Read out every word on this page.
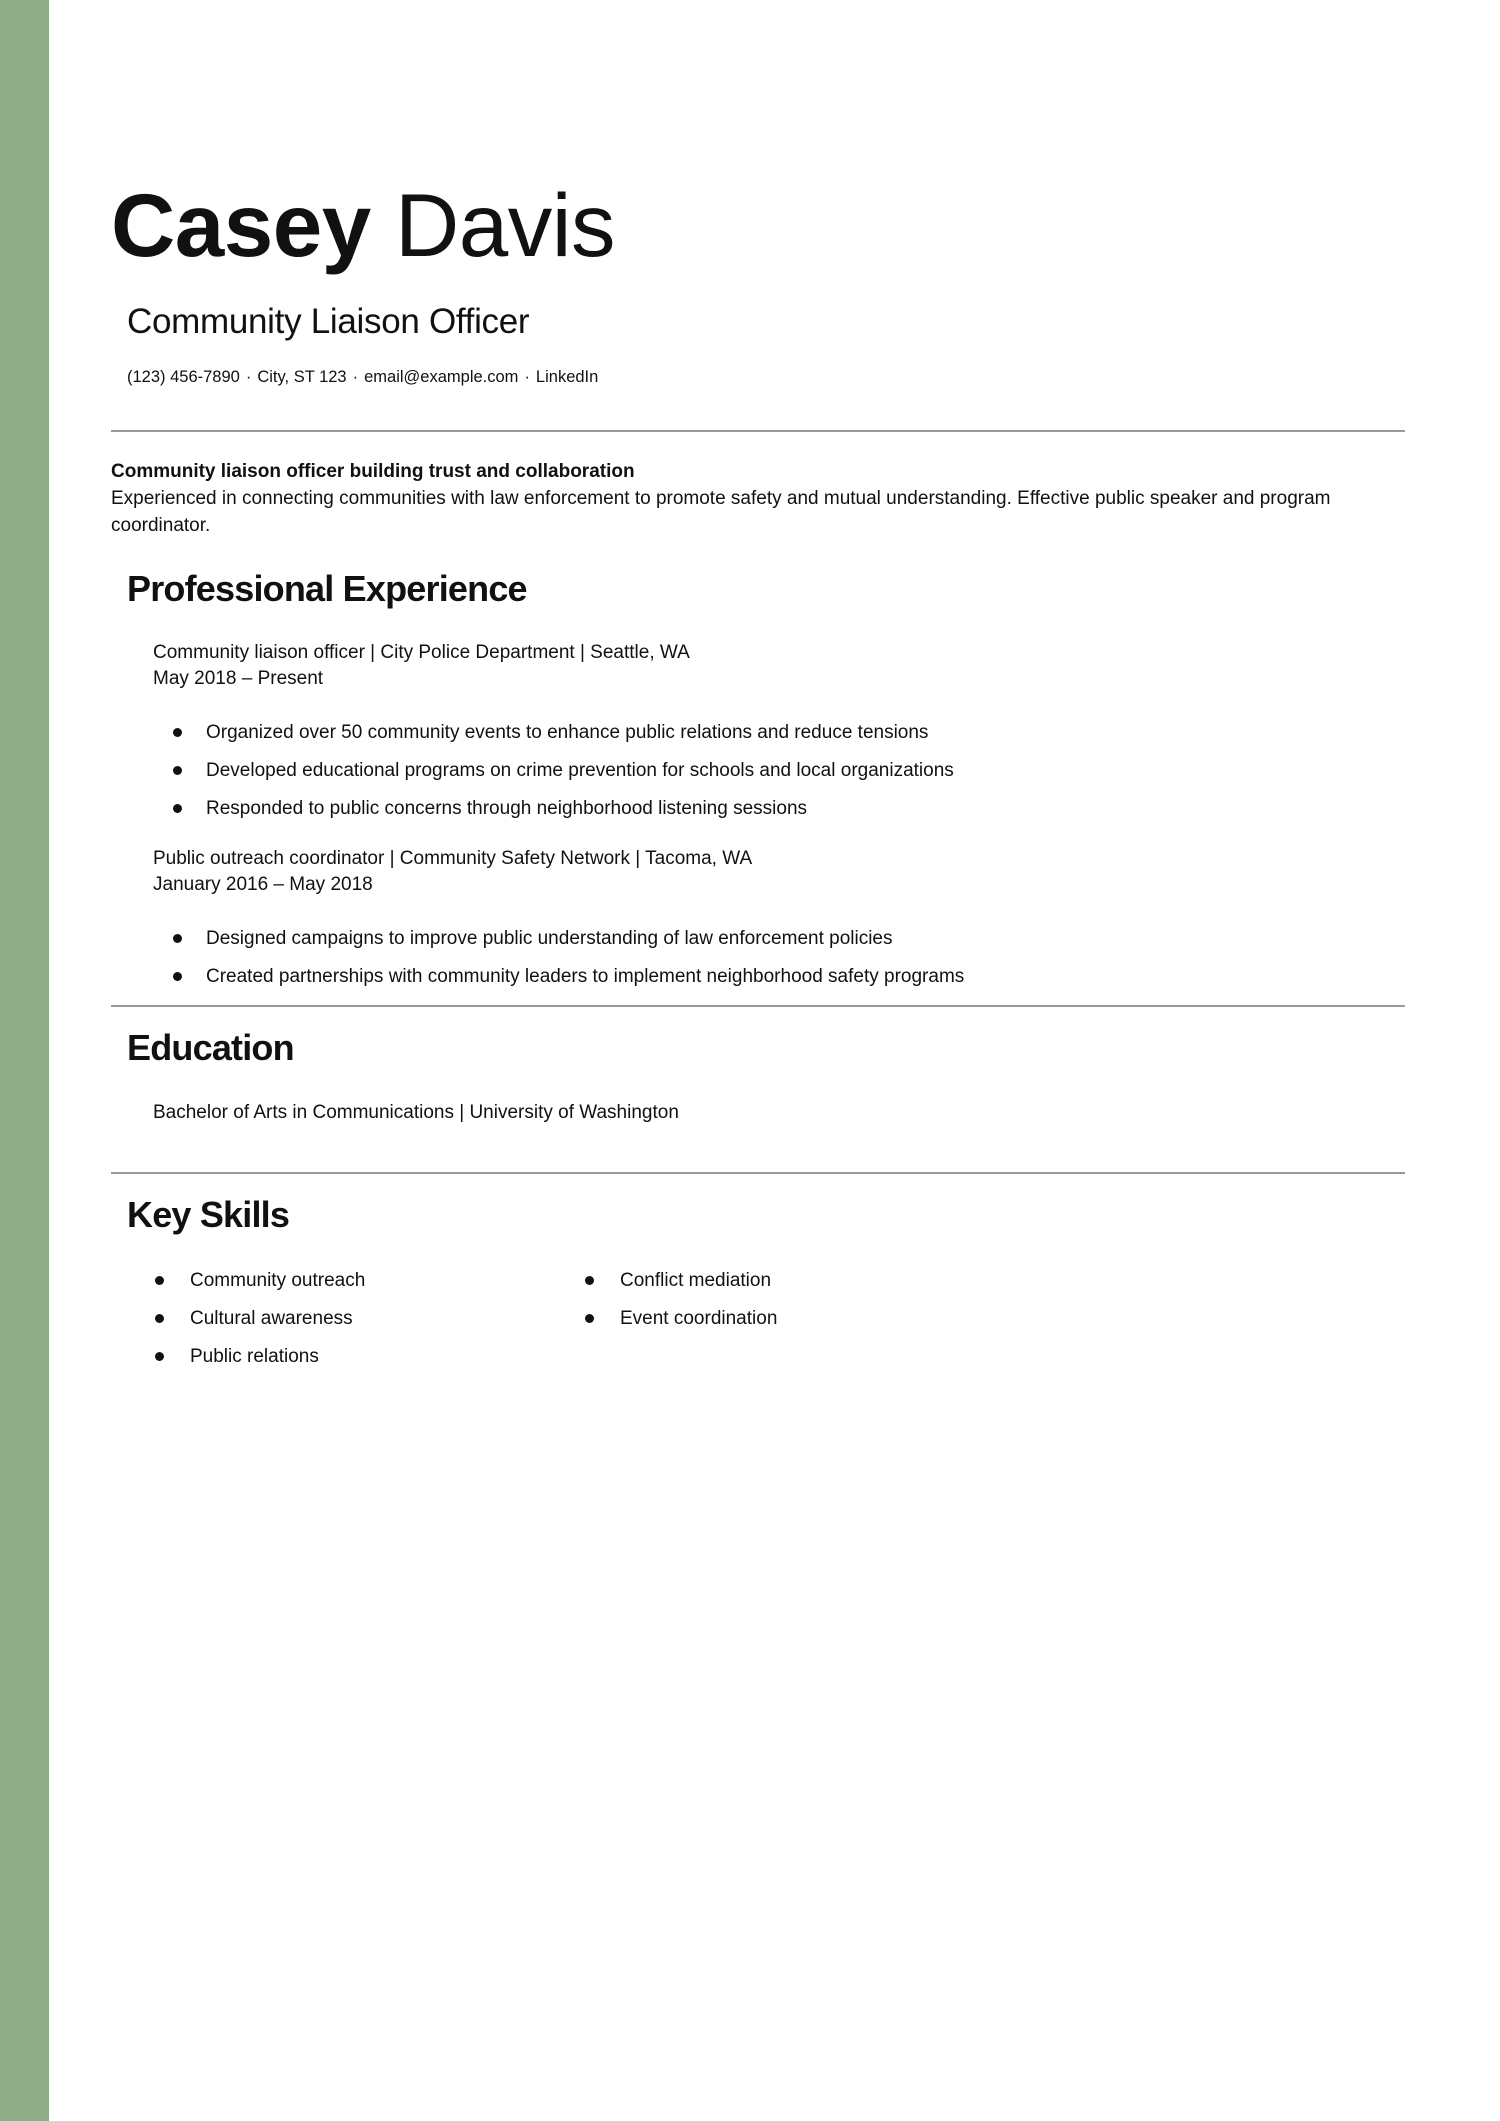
Casey Davis
Community Liaison Officer
(123) 456-7890 · City, ST 123 · email@example.com · LinkedIn
Community liaison officer building trust and collaboration
Experienced in connecting communities with law enforcement to promote safety and mutual understanding. Effective public speaker and program coordinator.
Professional Experience
Community liaison officer | City Police Department | Seattle, WA
May 2018 – Present
Organized over 50 community events to enhance public relations and reduce tensions
Developed educational programs on crime prevention for schools and local organizations
Responded to public concerns through neighborhood listening sessions
Public outreach coordinator | Community Safety Network | Tacoma, WA
January 2016 – May 2018
Designed campaigns to improve public understanding of law enforcement policies
Created partnerships with community leaders to implement neighborhood safety programs
Education
Bachelor of Arts in Communications | University of Washington
Key Skills
Community outreach
Cultural awareness
Public relations
Conflict mediation
Event coordination
